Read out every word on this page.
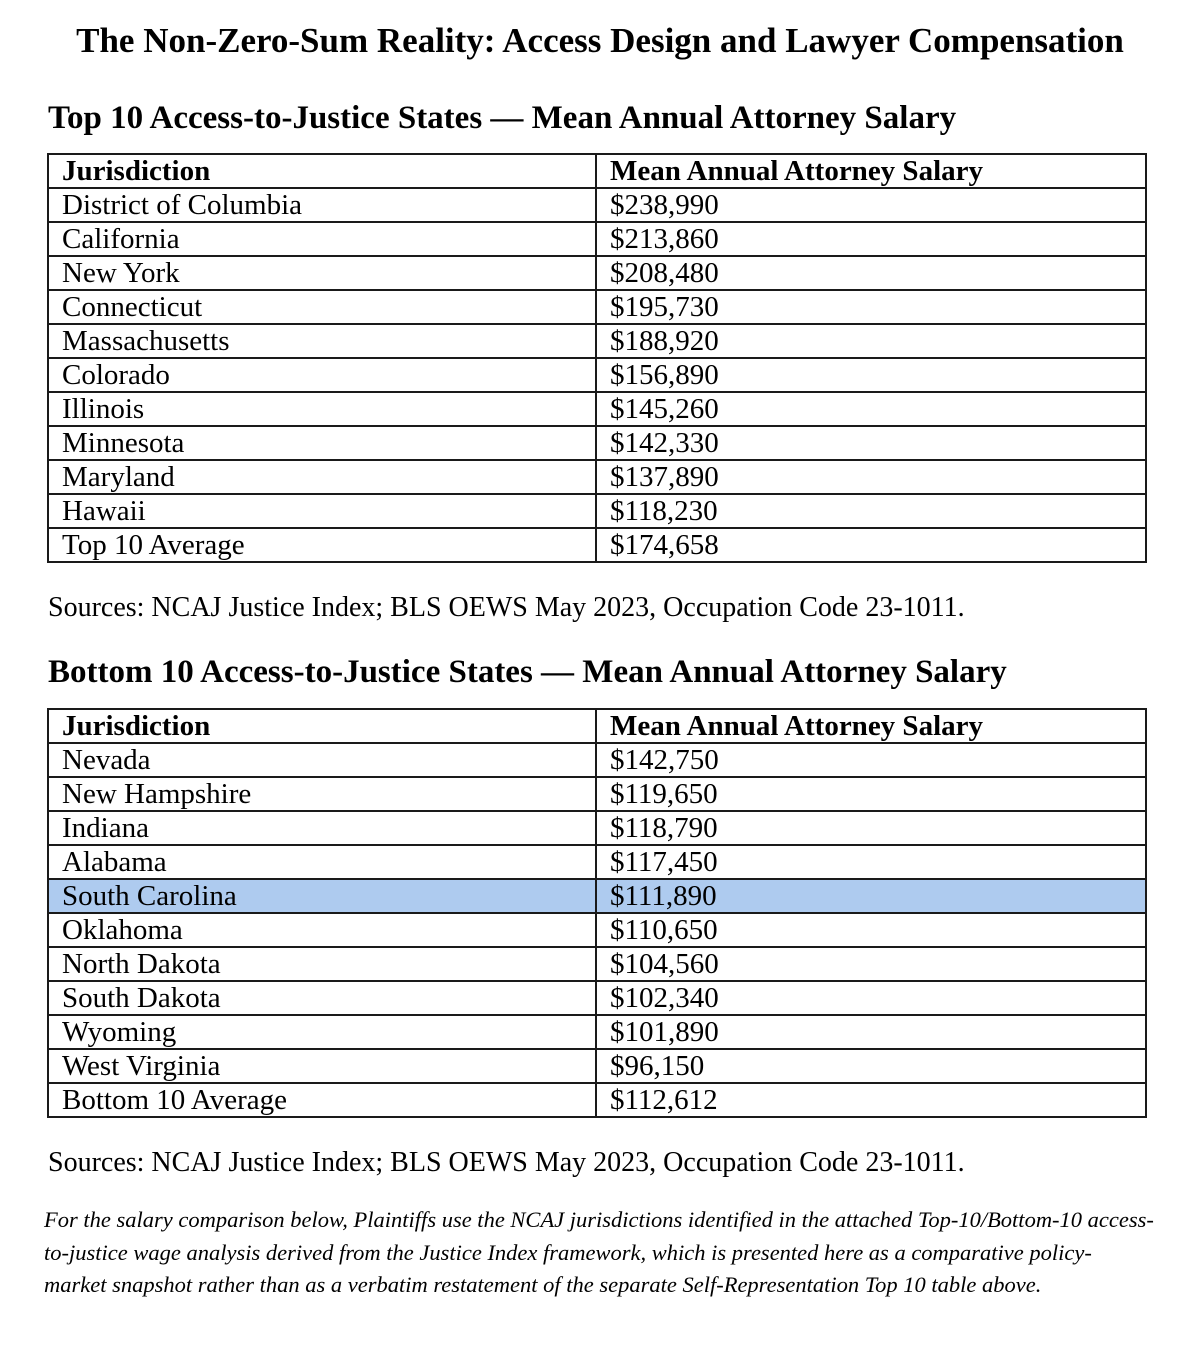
The Non-Zero-Sum Reality: Access Design and Lawyer Compensation
Top 10 Access-to-Justice States — Mean Annual Attorney Salary
Jurisdiction	Mean Annual Attorney Salary
District of Columbia	$238,990
California	$213,860
New York	$208,480
Connecticut	$195,730
Massachusetts	$188,920
Colorado	$156,890
Illinois	$145,260
Minnesota	$142,330
Maryland	$137,890
Hawaii	$118,230
Top 10 Average	$174,658

Sources: NCAJ Justice Index; BLS OEWS May 2023, Occupation Code 23-1011.

Bottom 10 Access-to-Justice States — Mean Annual Attorney Salary
Jurisdiction	Mean Annual Attorney Salary
Nevada	$142,750
New Hampshire	$119,650
Indiana	$118,790
Alabama	$117,450
South Carolina	$111,890
Oklahoma	$110,650
North Dakota	$104,560
South Dakota	$102,340
Wyoming	$101,890
West Virginia	$96,150
Bottom 10 Average	$112,612

Sources: NCAJ Justice Index; BLS OEWS May 2023, Occupation Code 23-1011.

For the salary comparison below, Plaintiffs use the NCAJ jurisdictions identified in the attached Top-10/Bottom-10 access-to-justice wage analysis derived from the Justice Index framework, which is presented here as a comparative policy-market snapshot rather than as a verbatim restatement of the separate Self-Representation Top 10 table above.
